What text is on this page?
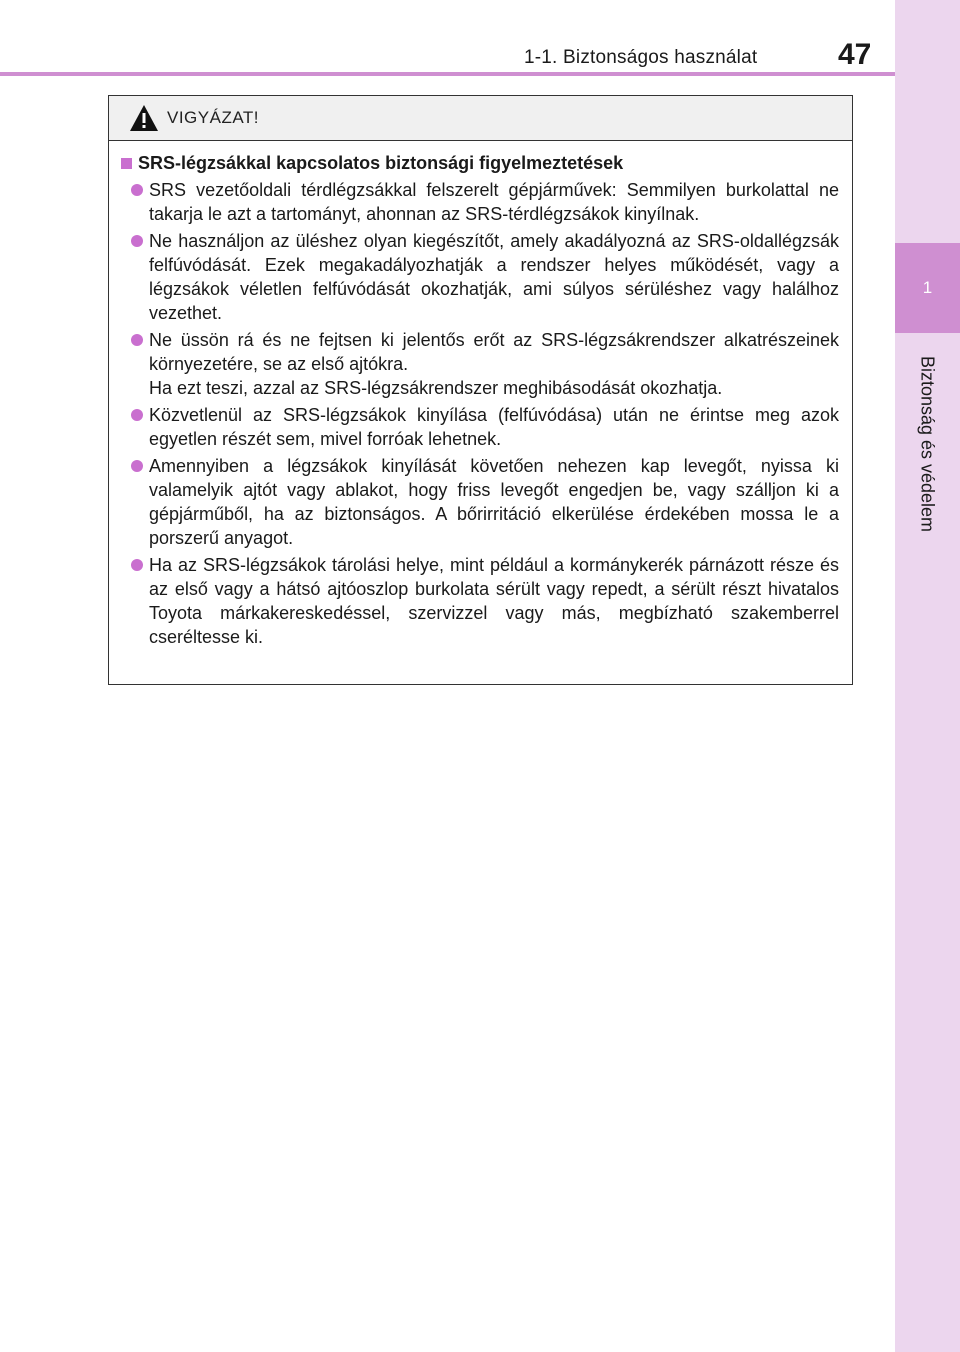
1-1. Biztonságos használat	47
1
Biztonság és védelem
VIGYÁZAT!
SRS-légzsákkal kapcsolatos biztonsági figyelmeztetések
SRS vezetőoldali térdlégzsákkal felszerelt gépjárművek: Semmilyen burkolattal ne takarja le azt a tartományt, ahonnan az SRS-térdlégzsákok kinyílnak.
Ne használjon az üléshez olyan kiegészítőt, amely akadályozná az SRS-oldallégzsák felfúvódását. Ezek megakadályozhatják a rendszer helyes működését, vagy a légzsákok véletlen felfúvódását okozhatják, ami súlyos sérüléshez vagy halálhoz vezethet.
Ne üssön rá és ne fejtsen ki jelentős erőt az SRS-légzsákrendszer alkatrészeinek környezetére, se az első ajtókra.
Ha ezt teszi, azzal az SRS-légzsákrendszer meghibásodását okozhatja.
Közvetlenül az SRS-légzsákok kinyílása (felfúvódása) után ne érintse meg azok egyetlen részét sem, mivel forróak lehetnek.
Amennyiben a légzsákok kinyílását követően nehezen kap levegőt, nyissa ki valamelyik ajtót vagy ablakot, hogy friss levegőt engedjen be, vagy szálljon ki a gépjárműből, ha az biztonságos. A bőrirritáció elkerülése érdekében mossa le a porszerű anyagot.
Ha az SRS-légzsákok tárolási helye, mint például a kormánykerék párnázott része és az első vagy a hátsó ajtóoszlop burkolata sérült vagy repedt, a sérült részt hivatalos Toyota márkakereskedéssel, szervizzel vagy más, megbízható szakemberrel cseréltesse ki.
